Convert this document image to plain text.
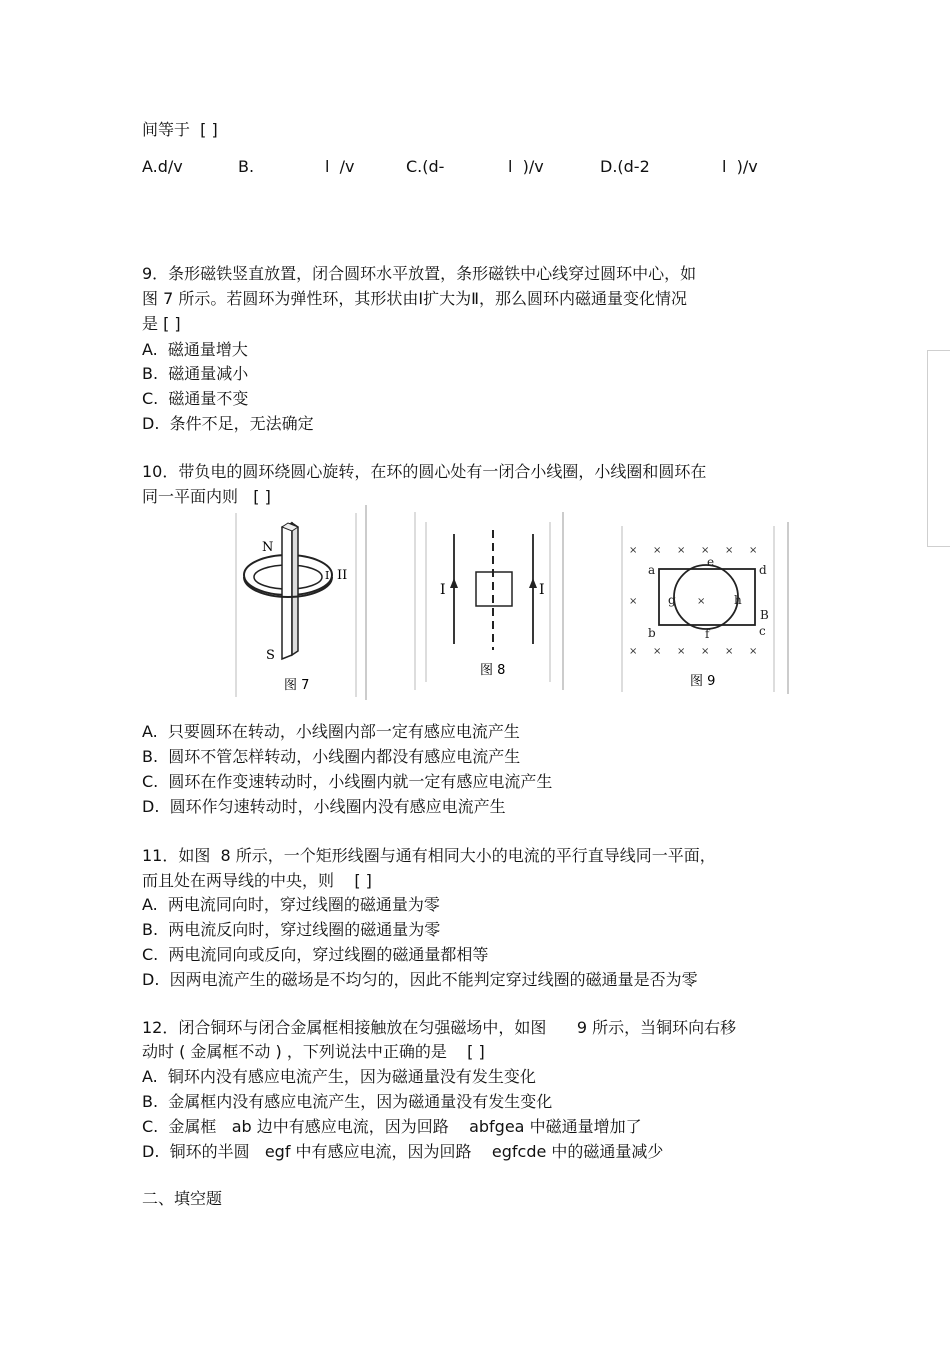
间等于  [ ]

A.d/v

	B.

	l  /v

	C.(d-

	l  )/v

	D.(d-2

	l  )/v

9．条形磁铁竖直放置，闭合圆环水平放置，条形磁铁中心线穿过圆环中心，如
图 7 所示。若圆环为弹性环，其形状由Ⅰ扩大为Ⅱ，那么圆环内磁通量变化情况
是 [ ]
A.  磁通量增大
B.  磁通量减小
C.  磁通量不变
D.  条件不足，无法确定
10．带负电的圆环绕圆心旋转，在环的圆心处有一闭合小线圈，小线圈和圆环在
同一平面内则   [ ]
N
S
I II
图 7
I	I
图 8
× × × × × ×
×	×
× × × × × ×
a
b	c
d
e
f
g	h
B
图 9
A.  只要圆环在转动，小线圈内部一定有感应电流产生
B.  圆环不管怎样转动，小线圈内都没有感应电流产生
C.  圆环在作变速转动时，小线圈内就一定有感应电流产生
D.  圆环作匀速转动时，小线圈内没有感应电流产生
11．如图  8 所示，一个矩形线圈与通有相同大小的电流的平行直导线同一平面，
而且处在两导线的中央，则    [ ]
A.  两电流同向时，穿过线圈的磁通量为零
B.  两电流反向时，穿过线圈的磁通量为零
C.  两电流同向或反向，穿过线圈的磁通量都相等
D.  因两电流产生的磁场是不均匀的，因此不能判定穿过线圈的磁通量是否为零
12．闭合铜环与闭合金属框相接触放在匀强磁场中，如图      9 所示，当铜环向右移
动时 ( 金属框不动 ) ，下列说法中正确的是    [ ]
A.  铜环内没有感应电流产生，因为磁通量没有发生变化
B.  金属框内没有感应电流产生，因为磁通量没有发生变化
C.  金属框   ab 边中有感应电流，因为回路    abfgea 中磁通量增加了
D.  铜环的半圆   egf 中有感应电流，因为回路    egfcde 中的磁通量减少
二、填空题
